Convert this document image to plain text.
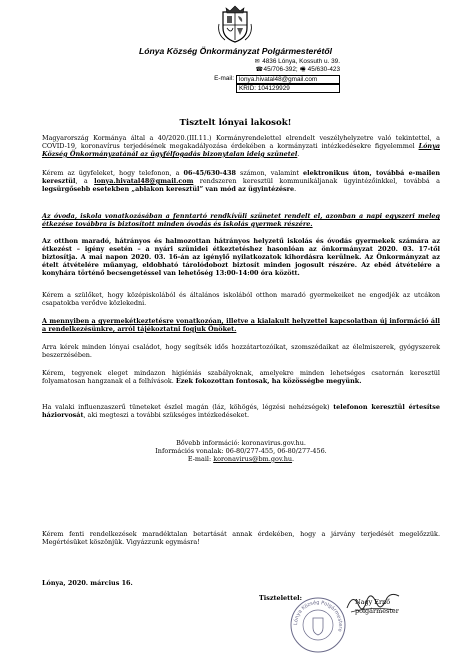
Lónya Község Önkormányzat Polgármesterétől
✉ 4836 Lónya, Kossuth u. 39.
☎ 45/706-392; 🖷 45/630-423
E-mail: lonya.hivatal48@gmail.com
KRID: 104129929
Tisztelt lónyai lakosok!
Magyarország Kormánya által a 40/2020.(III.11.) Kormányrendelettel elrendelt veszélyhelyzetre való tekintettel, a COVID-19, koronavírus terjedésének megakadályozása érdekében a kormányzati intézkedésekre figyelemmel Lónya Község Önkormányzatánál az ügyfélfogadás bizonytalan ideig szünetel.
Kérem az ügyfeleket, hogy telefonon, a 06-45/630-438 számon, valamint elektronikus úton, továbbá e-mailen keresztül, a lonya.hivatal48@gmail.com rendszeren keresztül kommunikáljanak ügyintézőinkkel, továbbá a legsürgősebb esetekben „ablakon keresztül” van mód az ügyintézésre.
Az óvoda, iskola vonatkozásában a fenntartó rendkívüli szünetet rendelt el, azonban a napi egyszeri meleg étkezése továbbra is biztosított minden óvodás és iskolás gyermek részére.
Az otthon maradó, hátrányos és halmozottan hátrányos helyzetű iskolás és óvodás gyermekek számára az étkezést – igény esetén – a nyári szünidei étkeztetéshez hasonlóan az önkormányzat 2020. 03. 17-től biztosítja. A mai napon 2020. 03. 16-án az igénylő nyilatkozatok kihordásra kerülnek. Az Önkormányzat az ételt átvételére műanyag, eldobható tárolódobozt biztosít minden jogosult részére. Az ebéd átvételére a konyhára történő becsengetéssel van lehetőség 13:00-14:00 óra között.
Kérem a szülőket, hogy középiskolából és általános iskolából otthon maradó gyermekeiket ne engedjék az utcákon csapatokba verődve közlekedni.
A mennyiben a gyermekétkeztetésre vonatkozóan, illetve a kialakult helyzettel kapcsolatban új információ áll a rendelkezésünkre, arról tájékoztatni fogjuk Önöket.
Arra kérek minden lónyai családot, hogy segítsék idős hozzátartozóikat, szomszédaikat az élelmiszerek, gyógyszerek beszerzésében.
Kérem, tegyenek eleget mindazon higiéniás szabályoknak, amelyekre minden lehetséges csatornán keresztül folyamatosan hangzanak el a felhívások. Ezek fokozottan fontosak, ha közösségbe megyünk.
Ha valaki influenzaszerű tüneteket észlel magán (láz, köhögés, légzési nehézségek) telefonon keresztül értesítse háziorvosát, aki megteszi a további szükséges intézkedéseket.
Bővebb információ: koronavirus.gov.hu.
Információs vonalak: 06-80/277-455, 06-80/277-456.
E-mail: koronavirus@bm.gov.hu.
Kérem fenti rendelkezések maradéktalan betartását annak érdekében, hogy a járvány terjedését megelőzzük. Megértésüket köszönjük. Vigyázzunk egymásra!
Lónya, 2020. március 16.
Tisztelettel:
Lónya Község Polgármestere
Nagy Ernő
polgármester
